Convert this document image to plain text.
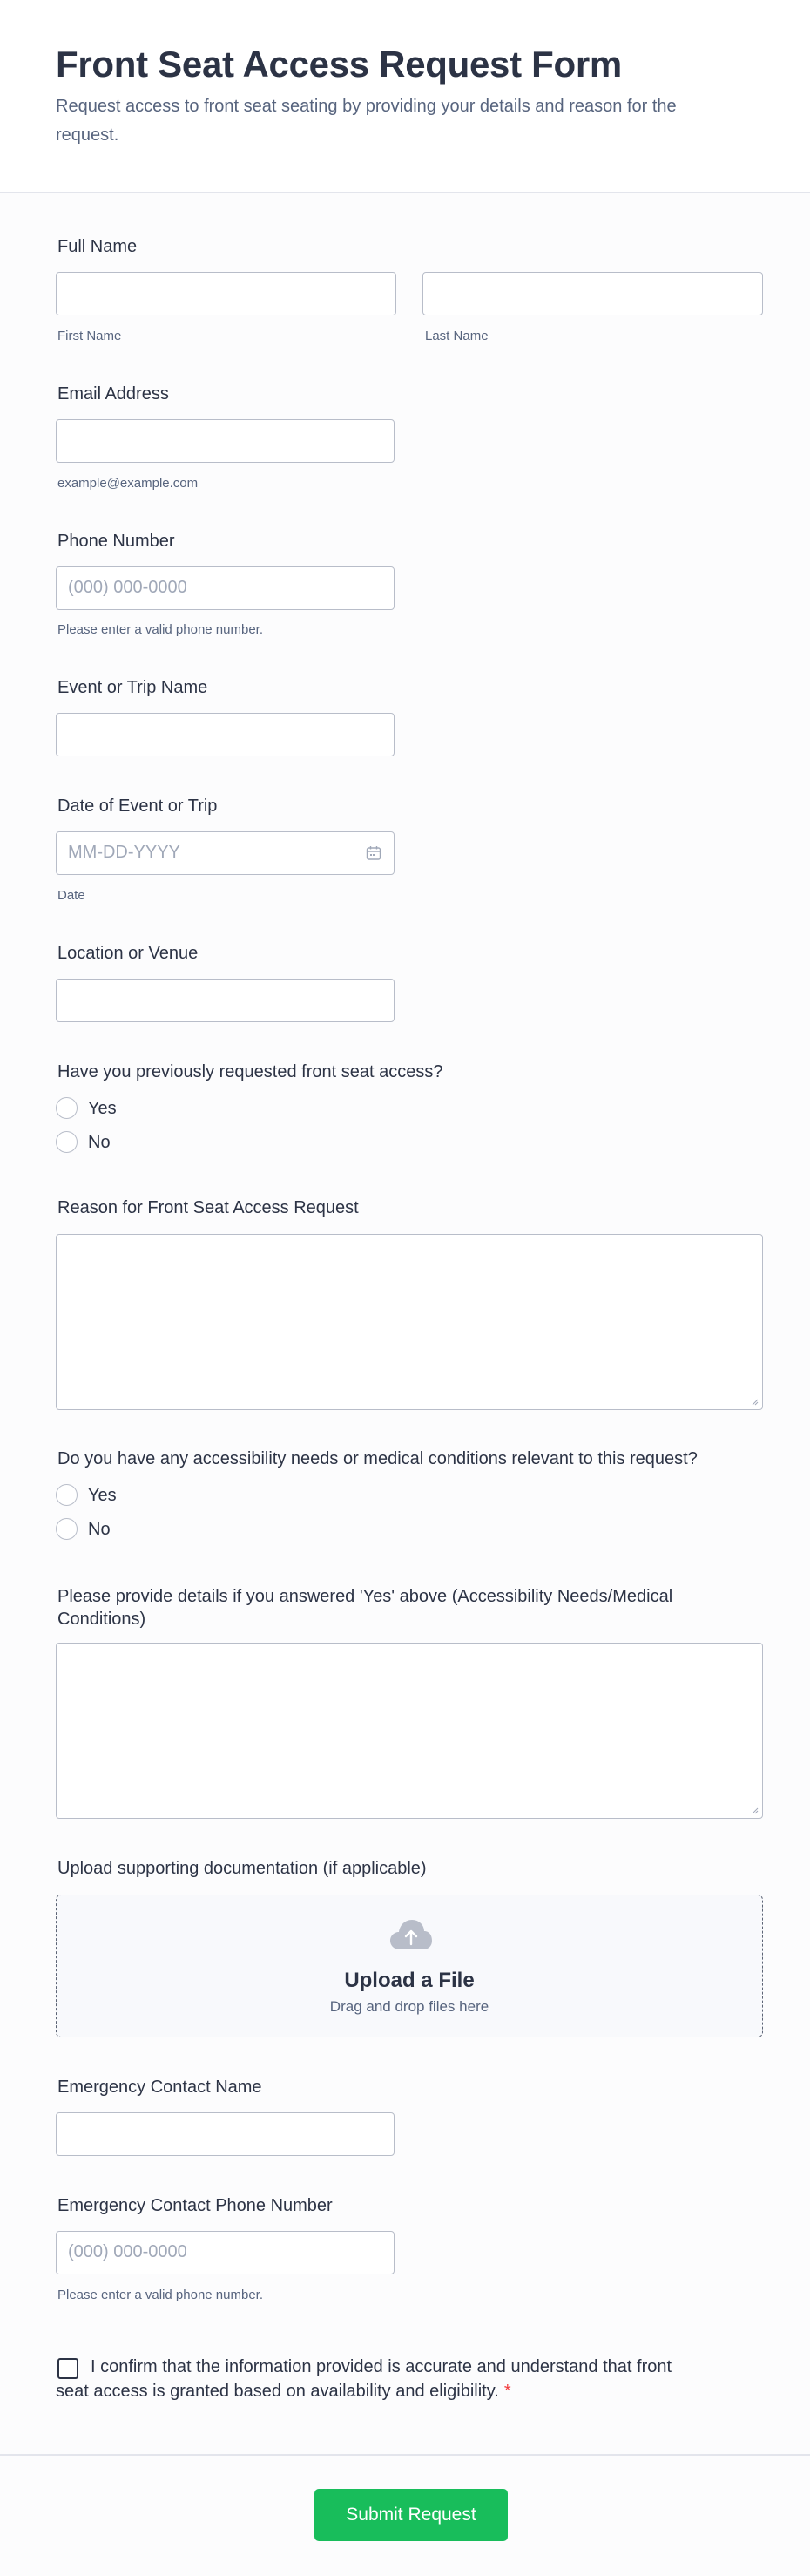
Front Seat Access Request Form
Request access to front seat seating by providing your details and reason for the request.
Full Name
First Name	Last Name
Email Address
example@example.com
Phone Number
(000) 000-0000
Please enter a valid phone number.
Event or Trip Name
Date of Event or Trip
MM-DD-YYYY
Date
Location or Venue
Have you previously requested front seat access?
Yes
No
Reason for Front Seat Access Request
Do you have any accessibility needs or medical conditions relevant to this request?
Yes
No
Please provide details if you answered 'Yes' above (Accessibility Needs/Medical Conditions)
Upload supporting documentation (if applicable)
Upload a File
Drag and drop files here
Emergency Contact Name
Emergency Contact Phone Number
(000) 000-0000
Please enter a valid phone number.
I confirm that the information provided is accurate and understand that front seat access is granted based on availability and eligibility. *
Submit Request
